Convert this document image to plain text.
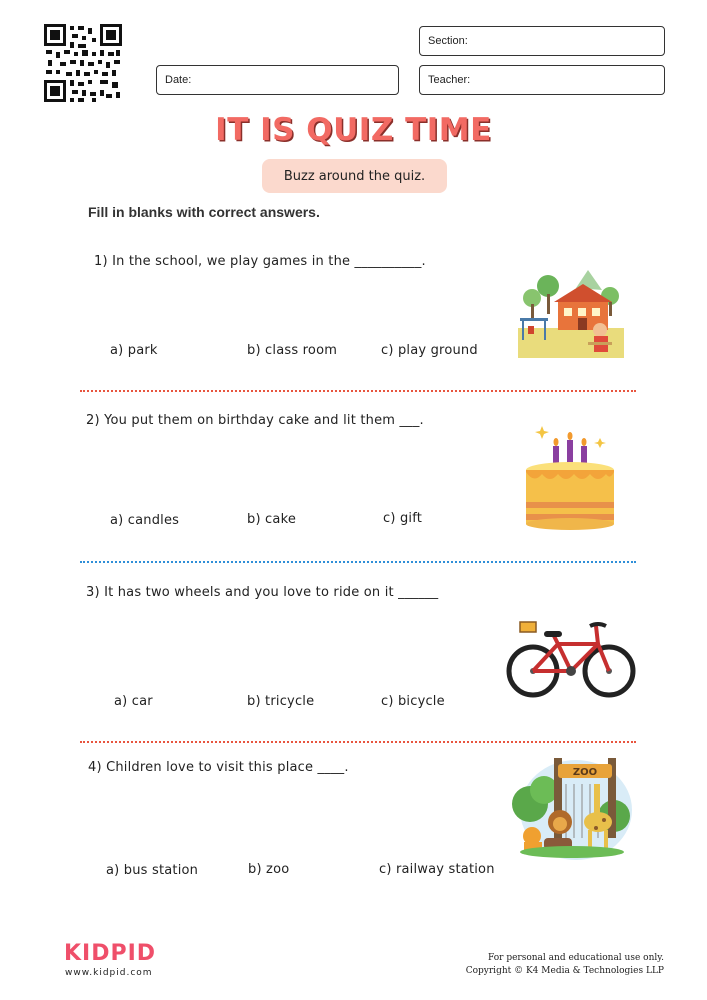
Section:
Date:	Teacher:
IT IS QUIZ TIME
Buzz around the quiz.
Fill in blanks with correct answers.
1) In the school, we play games in the __________.
a) park	b) class room	c) play ground
2) You put them on birthday cake and lit them ___.
a) candles	b) cake	c) gift
3) It has two wheels and you love to ride on it ______
a) car	b) tricycle	c) bicycle
4) Children love to visit this place ____.
a) bus station	b) zoo	c) railway station
ZOO
KIDPID
www.kidpid.com
For personal and educational use only.
Copyright © K4 Media & Technologies LLP
